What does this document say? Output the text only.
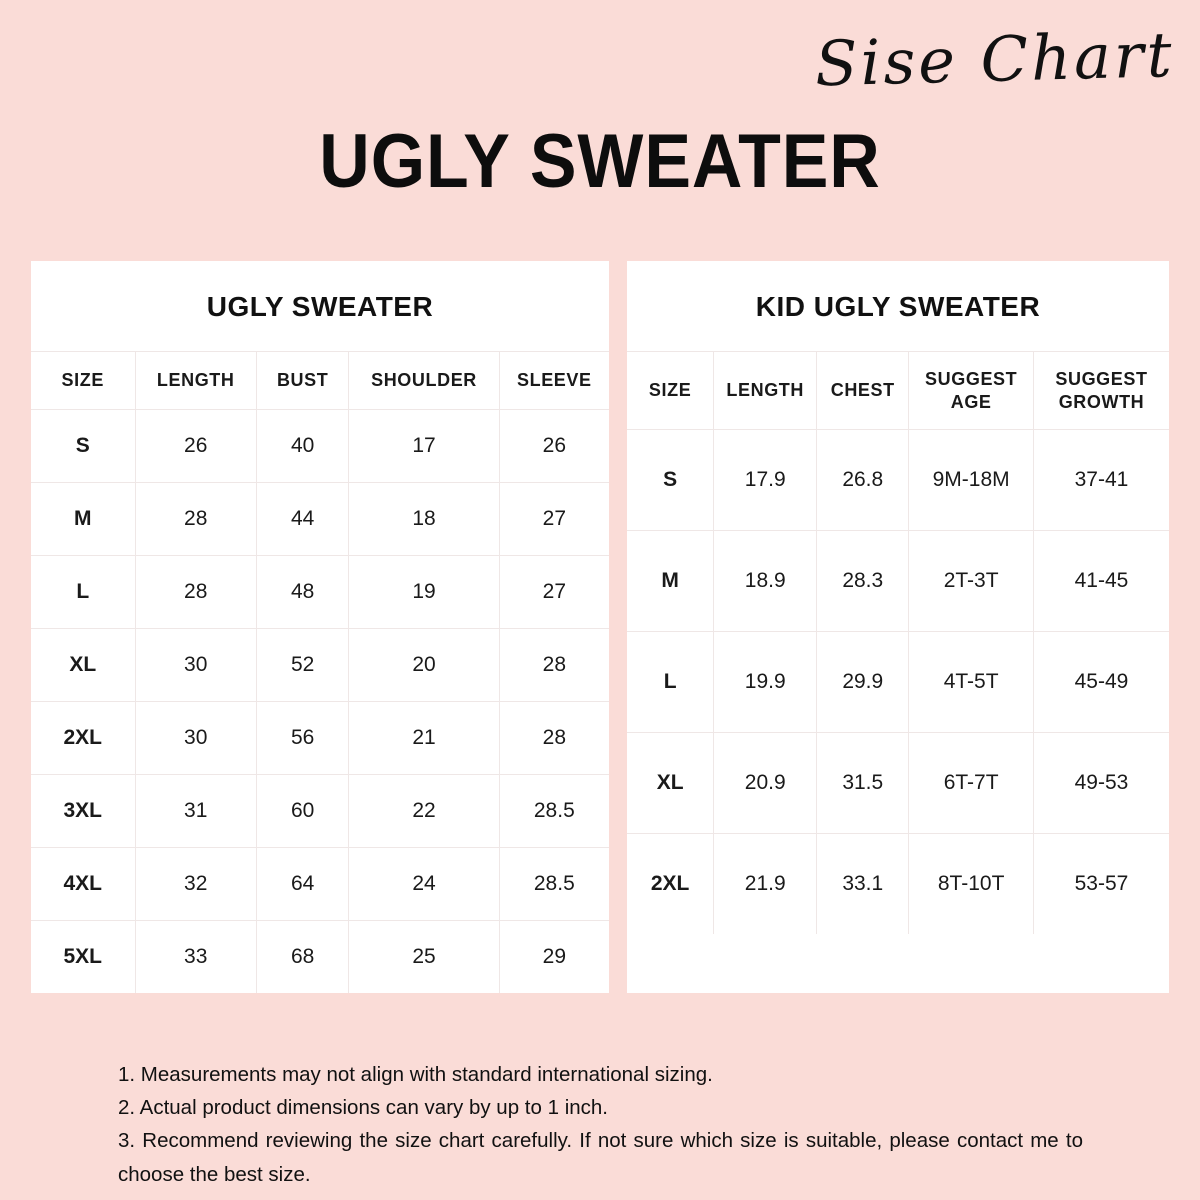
Sise Chart
UGLY SWEATER
UGLY SWEATER
SIZE	LENGTH	BUST	SHOULDER	SLEEVE
S	26	40	17	26
M	28	44	18	27
L	28	48	19	27
XL	30	52	20	28
2XL	30	56	21	28
3XL	31	60	22	28.5
4XL	32	64	24	28.5
5XL	33	68	25	29
KID UGLY SWEATER
SIZE	LENGTH	CHEST	SUGGEST AGE	SUGGEST GROWTH
S	17.9	26.8	9M-18M	37-41
M	18.9	28.3	2T-3T	41-45
L	19.9	29.9	4T-5T	45-49
XL	20.9	31.5	6T-7T	49-53
2XL	21.9	33.1	8T-10T	53-57

1. Measurements may not align with standard international sizing.

2. Actual product dimensions can vary by up to 1 inch.

3. Recommend reviewing the size chart carefully. If not sure which size is suitable, please contact me to choose the best size.
